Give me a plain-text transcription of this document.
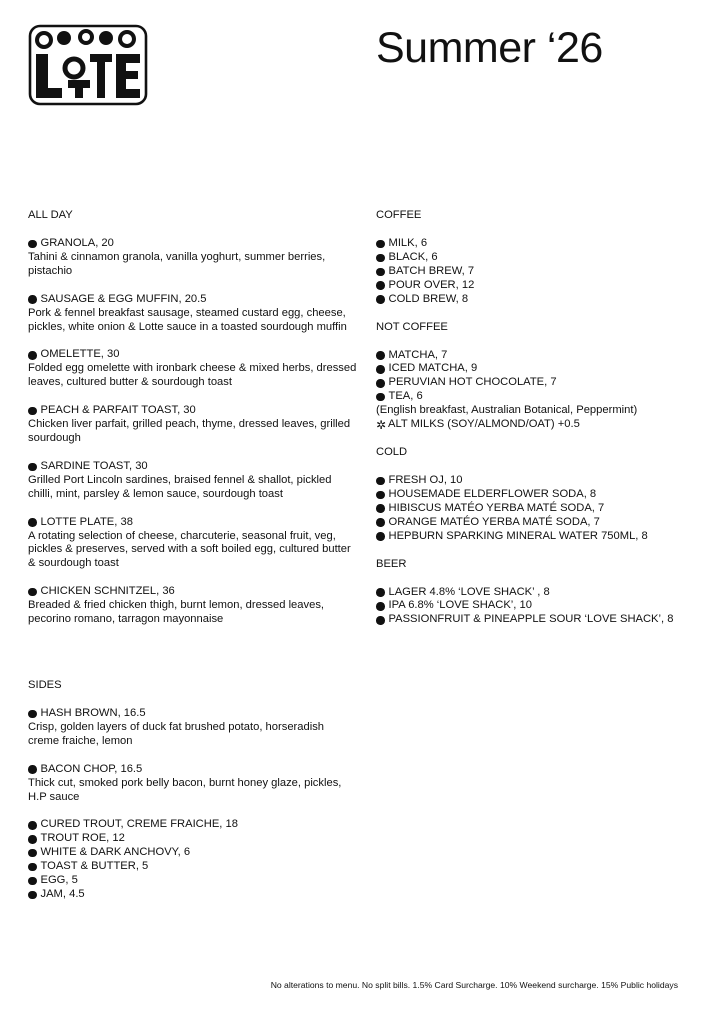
Summer ‘26
ALL DAY
GRANOLA, 20

Tahini & cinnamon granola, vanilla yoghurt, summer berries, pistachio

SAUSAGE & EGG MUFFIN, 20.5

Pork & fennel breakfast sausage, steamed custard egg, cheese, pickles, white onion & Lotte sauce in a toasted sourdough muffin

OMELETTE, 30

Folded egg omelette with ironbark cheese & mixed herbs, dressed leaves, cultured butter & sourdough toast

PEACH & PARFAIT TOAST, 30

Chicken liver parfait, grilled peach, thyme, dressed leaves, grilled sourdough

SARDINE TOAST, 30

Grilled Port Lincoln sardines, braised fennel & shallot, pickled chilli, mint, parsley & lemon sauce, sourdough toast

LOTTE PLATE, 38

A rotating selection of cheese, charcuterie, seasonal fruit, veg, pickles & preserves, served with a soft boiled egg, cultured butter & sourdough toast

CHICKEN SCHNITZEL, 36

Breaded & fried chicken thigh, burnt lemon, dressed leaves, pecorino romano, tarragon mayonnaise

SIDES
HASH BROWN, 16.5

Crisp, golden layers of duck fat brushed potato, horseradish creme fraiche, lemon

BACON CHOP, 16.5

Thick cut, smoked pork belly bacon, burnt honey glaze, pickles, H.P sauce

CURED TROUT, CREME FRAICHE, 18
TROUT ROE, 12
WHITE & DARK ANCHOVY, 6
TOAST & BUTTER, 5
EGG, 5
JAM, 4.5
COFFEE
MILK, 6
BLACK, 6
BATCH BREW, 7
POUR OVER, 12
COLD BREW, 8
NOT COFFEE
MATCHA, 7
ICED MATCHA, 9
PERUVIAN HOT CHOCOLATE, 7
TEA, 6
(English breakfast, Australian Botanical, Peppermint)
✲ ALT MILKS (SOY/ALMOND/OAT) +0.5
COLD
FRESH OJ, 10
HOUSEMADE ELDERFLOWER SODA, 8
HIBISCUS MATÉO YERBA MATÉ SODA, 7
ORANGE MATÉO YERBA MATÉ SODA, 7
HEPBURN SPARKING MINERAL WATER 750ML, 8
BEER
LAGER 4.8% ‘LOVE SHACK’ , 8
IPA 6.8% ‘LOVE SHACK’, 10
PASSIONFRUIT & PINEAPPLE SOUR ‘LOVE SHACK’, 8
No alterations to menu. No split bills. 1.5% Card Surcharge. 10% Weekend surcharge. 15% Public holidays
